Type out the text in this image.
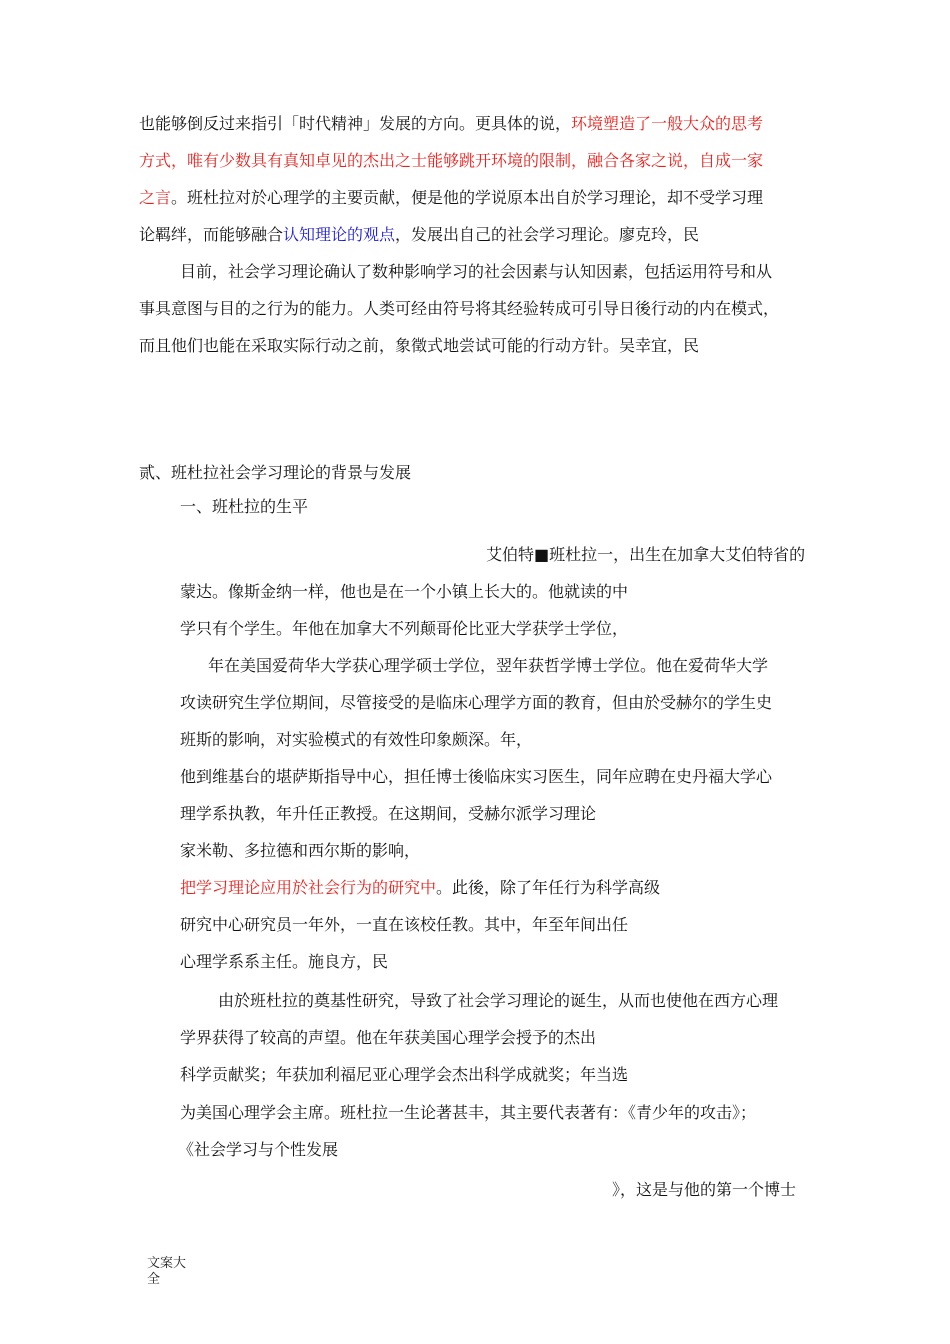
也能够倒反过来指引「时代精神」发展的方向。更具体的说，环境塑造了一般大众的思考
方式，唯有少数具有真知卓见的杰出之士能够跳开环境的限制，融合各家之说，自成一家
之言。班杜拉对於心理学的主要贡献，便是他的学说原本出自於学习理论，却不受学习理
论羁绊，而能够融合认知理论的观点，发展出自己的社会学习理论。廖克玲，民
目前，社会学习理论确认了数种影响学习的社会因素与认知因素，包括运用符号和从
事具意图与目的之行为的能力。人类可经由符号将其经验转成可引导日後行动的内在模式，
而且他们也能在采取实际行动之前，象徵式地尝试可能的行动方针。吴幸宜，民
贰、班杜拉社会学习理论的背景与发展
一、班杜拉的生平
艾伯特■班杜拉一，出生在加拿大艾伯特省的
蒙达。像斯金纳一样，他也是在一个小镇上长大的。他就读的中
学只有个学生。年他在加拿大不列颠哥伦比亚大学获学士学位，
年在美国爱荷华大学获心理学硕士学位，翌年获哲学博士学位。他在爱荷华大学
攻读研究生学位期间，尽管接受的是临床心理学方面的教育，但由於受赫尔的学生史
班斯的影响，对实验模式的有效性印象颇深。年，
他到维基台的堪萨斯指导中心，担任博士後临床实习医生，同年应聘在史丹福大学心
理学系执教，年升任正教授。在这期间，受赫尔派学习理论
家米勒、多拉德和西尔斯的影响，
把学习理论应用於社会行为的研究中。此後，除了年任行为科学高级
研究中心研究员一年外，一直在该校任教。其中，年至年间出任
心理学系系主任。施良方，民
由於班杜拉的奠基性研究，导致了社会学习理论的诞生，从而也使他在西方心理
学界获得了较高的声望。他在年获美国心理学会授予的杰出
科学贡献奖；年获加利福尼亚心理学会杰出科学成就奖；年当选
为美国心理学会主席。班杜拉一生论著甚丰，其主要代表著有：《青少年的攻击》；
《社会学习与个性发展
》，这是与他的第一个博士
文案大全
